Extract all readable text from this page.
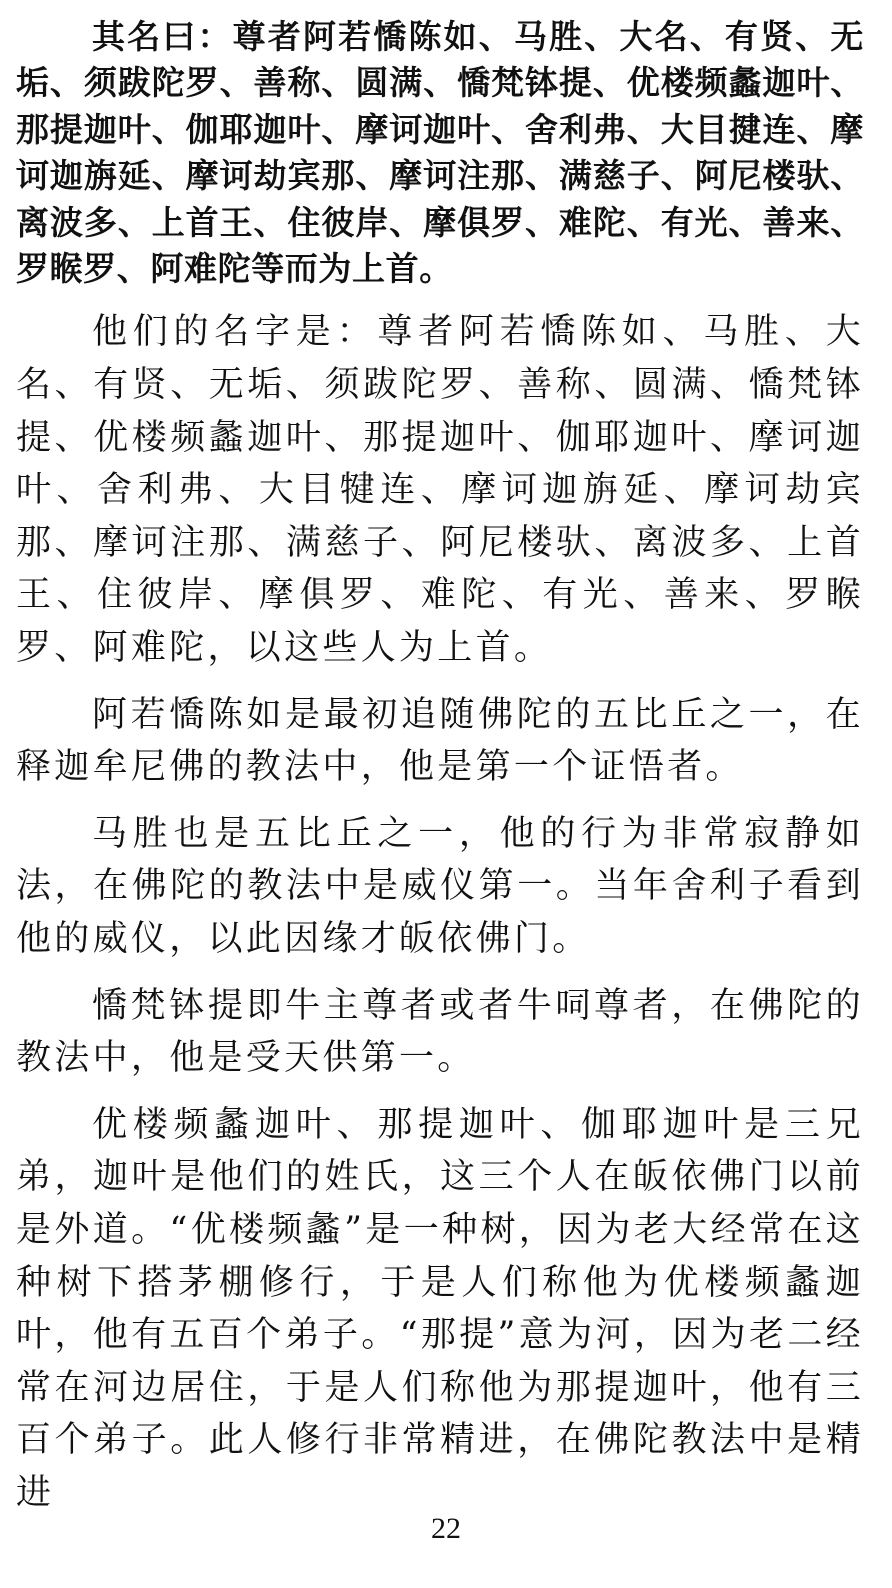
其名曰：尊者阿若憍陈如、马胜、大名、有贤、无垢、须跋陀罗、善称、圆满、憍梵钵提、优楼频蠡迦叶、那提迦叶、伽耶迦叶、摩诃迦叶、舍利弗、大目揵连、摩诃迦旃延、摩诃劫宾那、摩诃注那、满慈子、阿尼楼驮、离波多、上首王、住彼岸、摩俱罗、难陀、有光、善来、罗睺罗、阿难陀等而为上首。

他们的名字是：尊者阿若憍陈如、马胜、大名、有贤、无垢、须跋陀罗、善称、圆满、憍梵钵提、优楼频蠡迦叶、那提迦叶、伽耶迦叶、摩诃迦叶、舍利弗、大目犍连、摩诃迦旃延、摩诃劫宾那、摩诃注那、满慈子、阿尼楼驮、离波多、上首王、住彼岸、摩俱罗、难陀、有光、善来、罗睺罗、阿难陀，以这些人为上首。

阿若憍陈如是最初追随佛陀的五比丘之一，在释迦牟尼佛的教法中，他是第一个证悟者。

马胜也是五比丘之一，他的行为非常寂静如法，在佛陀的教法中是威仪第一。当年舍利子看到他的威仪，以此因缘才皈依佛门。

憍梵钵提即牛主尊者或者牛呞尊者，在佛陀的教法中，他是受天供第一。

优楼频蠡迦叶、那提迦叶、伽耶迦叶是三兄弟，迦叶是他们的姓氏，这三个人在皈依佛门以前是外道。“优楼频蠡”是一种树，因为老大经常在这种树下搭茅棚修行，于是人们称他为优楼频蠡迦叶，他有五百个弟子。“那提”意为河，因为老二经常在河边居住，于是人们称他为那提迦叶，他有三百个弟子。此人修行非常精进，在佛陀教法中是精进

22
